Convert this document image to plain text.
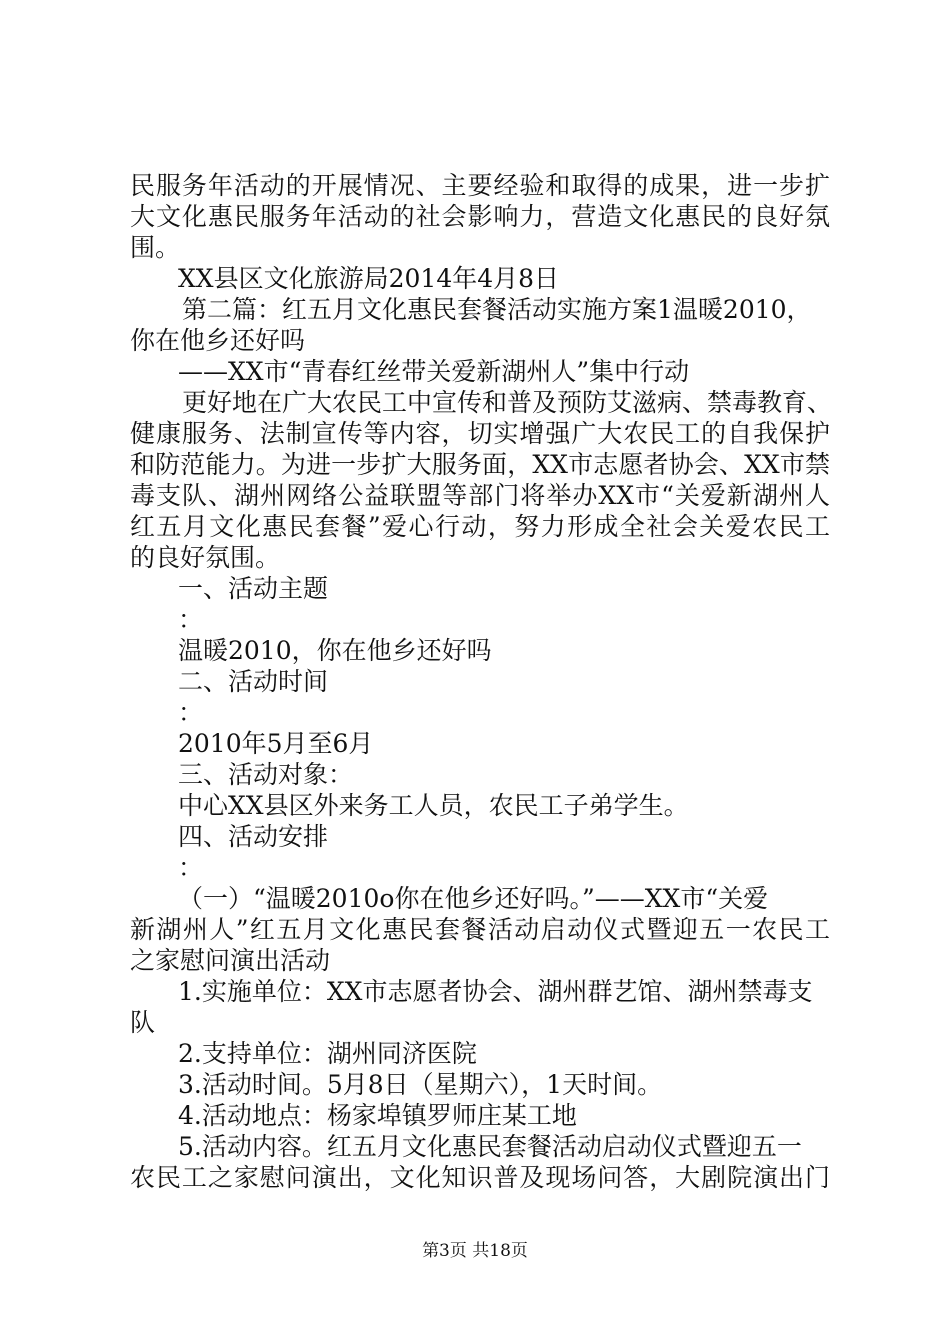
民服务年活动的开展情况、主要经验和取得的成果，进一步扩
大文化惠民服务年活动的社会影响力，营造文化惠民的良好氛
围。
XX县区文化旅游局2014年4月8日
第二篇：红五月文化惠民套餐活动实施方案1温暖2010，
你在他乡还好吗
——XX市“青春红丝带关爱新湖州人”集中行动
更好地在广大农民工中宣传和普及预防艾滋病、禁毒教育、
健康服务、法制宣传等内容，切实增强广大农民工的自我保护
和防范能力。为进一步扩大服务面，XX市志愿者协会、XX市禁
毒支队、湖州网络公益联盟等部门将举办XX市“关爱新湖州人
红五月文化惠民套餐”爱心行动，努力形成全社会关爱农民工
的良好氛围。
一、活动主题
：
温暖2010，你在他乡还好吗
二、活动时间
：
2010年5月至6月
三、活动对象：
中心XX县区外来务工人员，农民工子弟学生。
四、活动安排
：
（一）“温暖2010o你在他乡还好吗。”——XX市“关爱
新湖州人”红五月文化惠民套餐活动启动仪式暨迎五一农民工
之家慰问演出活动
1.实施单位：XX市志愿者协会、湖州群艺馆、湖州禁毒支
队
2.支持单位：湖州同济医院
3.活动时间。5月8日（星期六），1天时间。
4.活动地点：杨家埠镇罗师庄某工地
5.活动内容。红五月文化惠民套餐活动启动仪式暨迎五一
农民工之家慰问演出，文化知识普及现场问答，大剧院演出门
第3页 共18页
